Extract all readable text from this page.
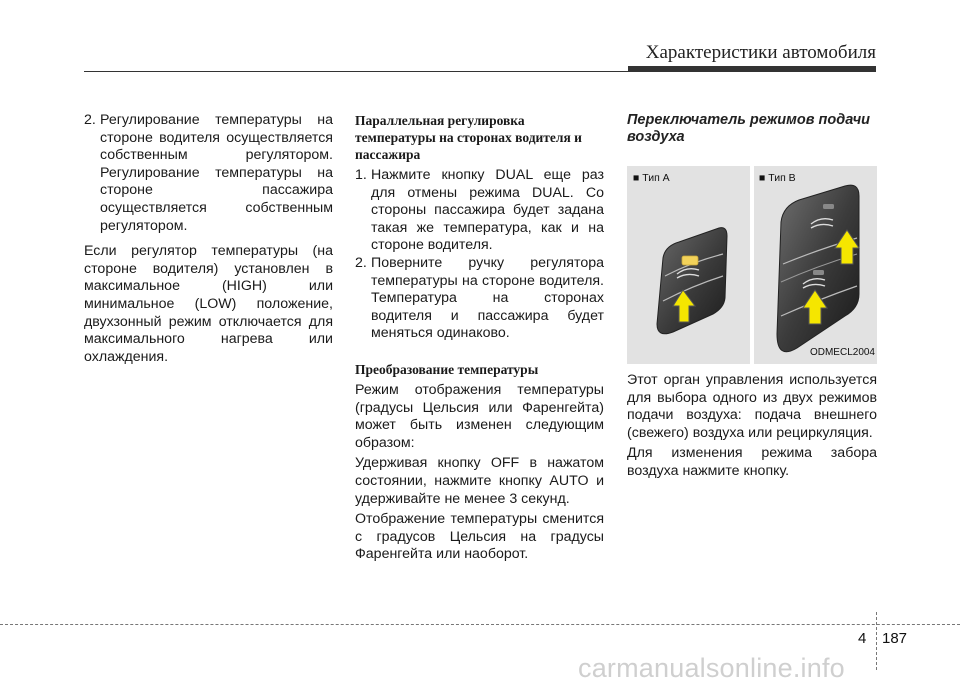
Характеристики автомобиля
2. Регулирование температуры на стороне водителя осуществляется собственным регулятором. Регулирование температуры на стороне пассажира осуществляется собственным регулятором.

Если регулятор температуры (на стороне водителя) установлен в максимальное (HIGH) или минимальное (LOW) положение, двухзонный режим отключается для максимального нагрева или охлаждения.

Параллельная регулировка температуры на сторонах водителя и пассажира

1. Нажмите кнопку DUAL еще раз для отмены режима DUAL. Со стороны пассажира будет задана такая же температура, как и на стороне водителя.
2. Поверните ручку регулятора температуры на стороне водителя. Температура на сторонах водителя и пассажира будет меняться одинаково.

Преобразование температуры

Режим отображения температуры (градусы Цельсия или Фаренгейта) может быть изменен следующим образом:

Удерживая кнопку OFF в нажатом состоянии, нажмите кнопку AUTO и удерживайте не менее 3 секунд.

Отображение температуры сменится с градусов Цельсия на градусы Фаренгейта или наоборот.

Переключатель режимов подачи воздуха

■ Тип А	■ Тип В
ODMECL2004

Этот орган управления используется для выбора одного из двух режимов подачи воздуха: подача внешнего (свежего) воздуха или рециркуляция.

Для изменения режима забора воздуха нажмите кнопку.

4 187
carmanualsonline.info
